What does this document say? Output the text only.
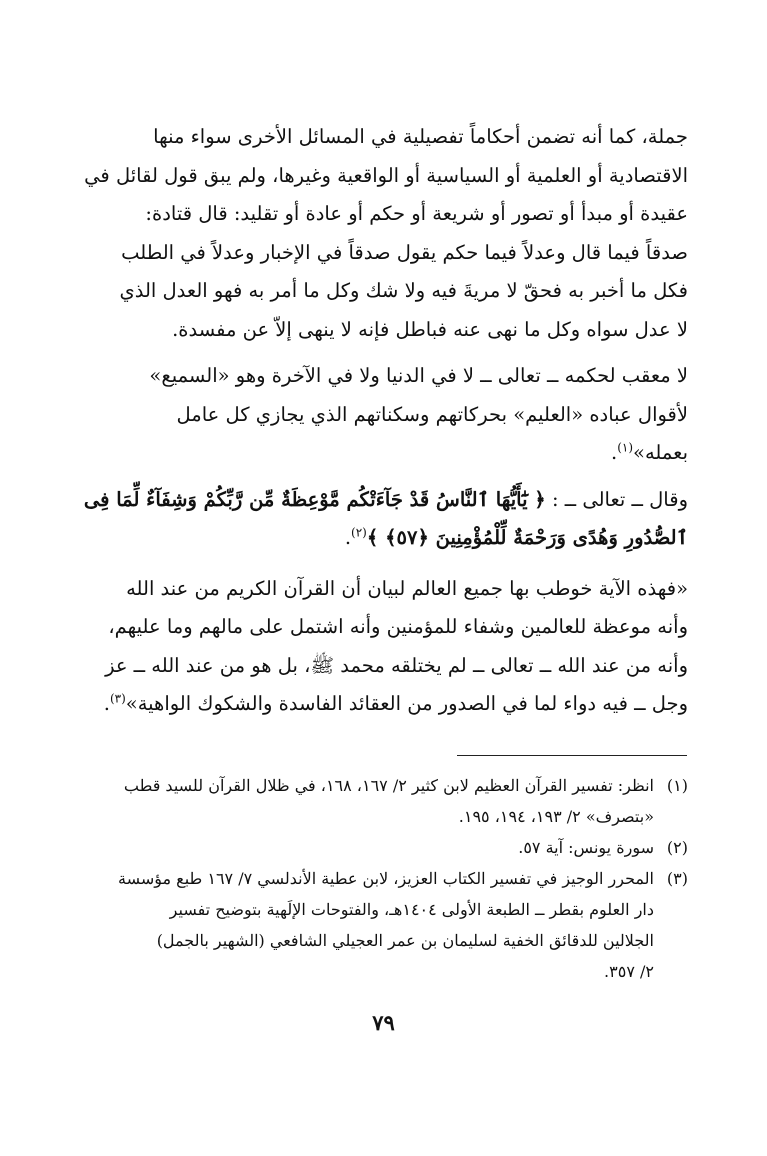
جملة، كما أنه تضمن أحكاماً تفصيلية في المسائل الأخرى سواء منها
الاقتصادية أو العلمية أو السياسية أو الواقعية وغيرها، ولم يبق قول لقائل في
عقيدة أو مبدأ أو تصور أو شريعة أو حكم أو عادة أو تقليد: قال قتادة:
صدقاً فيما قال وعدلاً فيما حكم يقول صدقاً في الإخبار وعدلاً في الطلب
فكل ما أخبر به فحقّ لا مريةَ فيه ولا شك وكل ما أمر به فهو العدل الذي
لا عدل سواه وكل ما نهى عنه فباطل فإنه لا ينهى إلاّ عن مفسدة.

لا معقب لحكمه ــ تعالى ــ لا في الدنيا ولا في الآخرة وهو «السميع»
لأقوال عباده «العليم» بحركاتهم وسكناتهم الذي يجازي كل عامل
بعمله»$^{(١)}$.

وقال ــ تعالى ــ : ﴿ يَٰٓأَيُّهَا ٱلنَّاسُ قَدْ جَآءَتْكُم مَّوْعِظَةٌ مِّن رَّبِّكُمْ وَشِفَآءٌ لِّمَا فِى
ٱلصُّدُورِ وَهُدًى وَرَحْمَةٌ لِّلْمُؤْمِنِينَ ﴿٥٧﴾ ﴾$^{(٢)}$.

«فهذه الآية خوطب بها جميع العالم لبيان أن القرآن الكريم من عند الله
وأنه موعظة للعالمين وشفاء للمؤمنين وأنه اشتمل على مالهم وما عليهم،
وأنه من عند الله ــ تعالى ــ لم يختلقه محمد ﷺ، بل هو من عند الله ــ عز
وجل ــ فيه دواء لما في الصدور من العقائد الفاسدة والشكوك الواهية»$^{(٣)}$.

(١)
انظر: تفسير القرآن العظيم لابن كثير ٢/ ١٦٧، ١٦٨، في ظلال القرآن للسيد قطب
«بتصرف» ٢/ ١٩٣، ١٩٤، ١٩٥.
(٢)
سورة يونس: آية ٥٧.
(٣)
المحرر الوجيز في تفسير الكتاب العزيز، لابن عطية الأندلسي ٧/ ١٦٧ طبع مؤسسة
دار العلوم بقطر ــ الطبعة الأولى ١٤٠٤هـ، والفتوحات الإلَهية بتوضيح تفسير
الجلالين للدقائق الخفية لسليمان بن عمر العجيلي الشافعي (الشهير بالجمل)
٢/ ٣٥٧.
٧٩
